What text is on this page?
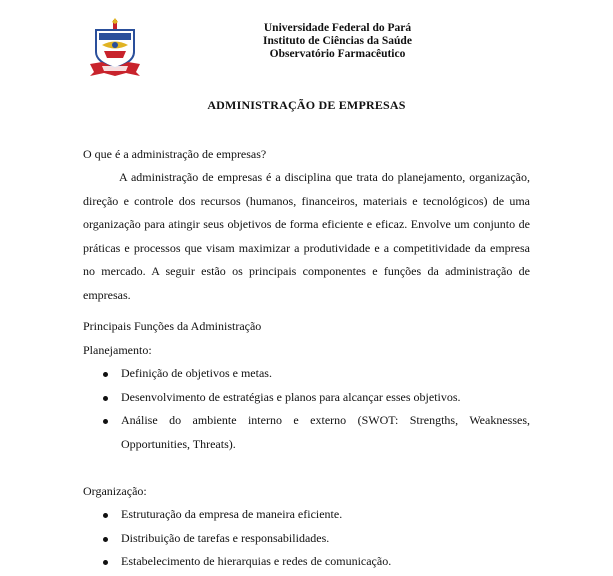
Universidade Federal do Pará
Instituto de Ciências da Saúde
Observatório Farmacêutico
ADMINISTRAÇÃO DE EMPRESAS
O que é a administração de empresas?
A administração de empresas é a disciplina que trata do planejamento, organização, direção e controle dos recursos (humanos, financeiros, materiais e tecnológicos) de uma organização para atingir seus objetivos de forma eficiente e eficaz. Envolve um conjunto de práticas e processos que visam maximizar a produtividade e a competitividade da empresa no mercado. A seguir estão os principais componentes e funções da administração de empresas.

Principais Funções da Administração

Planejamento:

Definição de objetivos e metas.
Desenvolvimento de estratégias e planos para alcançar esses objetivos.
Análise do ambiente interno e externo (SWOT: Strengths, Weaknesses, Opportunities, Threats).

Organização:

Estruturação da empresa de maneira eficiente.
Distribuição de tarefas e responsabilidades.
Estabelecimento de hierarquias e redes de comunicação.
